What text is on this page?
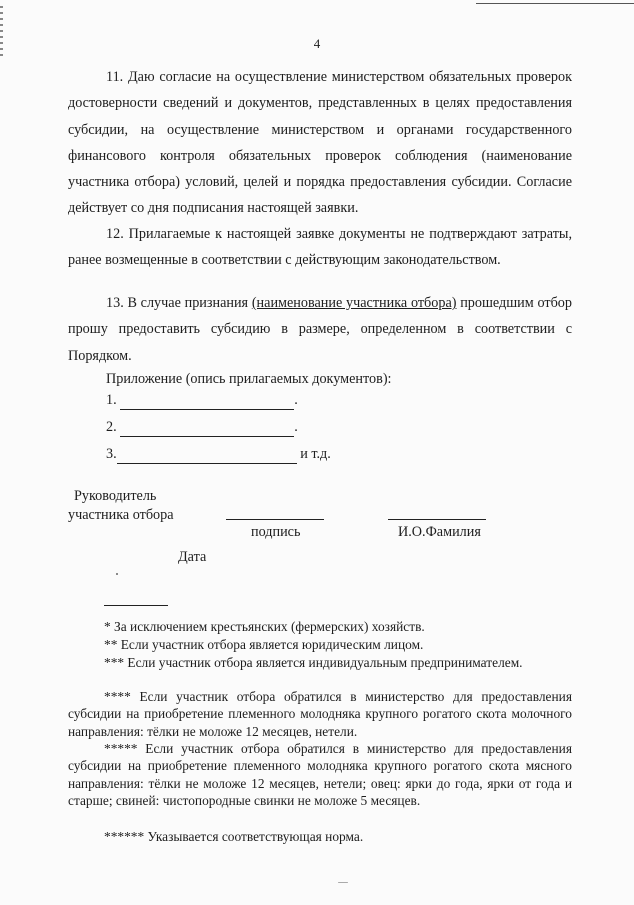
4
11. Даю согласие на осуществление министерством обязательных проверок достоверности сведений и документов, представленных в целях предоставления субсидии, на осуществление министерством и органами государственного финансового контроля обязательных проверок соблюдения (наименование участника отбора) условий, целей и порядка предоставления субсидии. Согласие действует со дня подписания настоящей заявки.
12. Прилагаемые к настоящей заявке документы не подтверждают затраты, ранее возмещенные в соответствии с действующим законодательством.
13. В случае признания (наименование участника отбора) прошедшим отбор прошу предоставить субсидию в размере, определенном в соответствии с Порядком.
Приложение (опись прилагаемых документов):
1.	.
2.	.
3.	и т.д.
Руководитель
участника отбора
подпись	И.О.Фамилия
Дата
* За исключением крестьянских (фермерских) хозяйств.
** Если участник отбора является юридическим лицом.
*** Если участник отбора является индивидуальным предпринимателем.
**** Если участник отбора обратился в министерство для предоставления субсидии на приобретение племенного молодняка крупного рогатого скота молочного направления: тёлки не моложе 12 месяцев, нетели.
***** Если участник отбора обратился в министерство для предоставления субсидии на приобретение племенного молодняка крупного рогатого скота мясного направления: тёлки не моложе 12 месяцев, нетели; овец: ярки до года, ярки от года и старше; свиней: чистопородные свинки не моложе 5 месяцев.
****** Указывается соответствующая норма.
